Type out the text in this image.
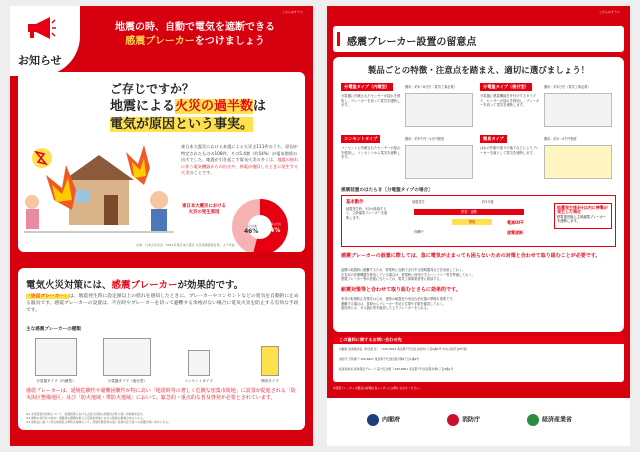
こちらのチラシ
お知らせ
地震の時、自動で電気を遮断できる
感震ブレーカーをつけましょう
ご存じですか？
地震による火災の過半数は
電気が原因という事実。
東日本大震災における本震による火災全111件のうち、原因が特定されたものの108件、その5.4割（約54%）が電気関係の出火でした。地震が引き起こす電気火災の多くは、地震の揺れに伴う電気機器からの出火や、停電が復旧したときに発生する火災のことです。
東日本大震災における火災の発生原因
その他
46%
電気関係の出火
54%
出典：日本火災学会「2011年東日本大震災 火災等調査報告書」より作成
電気火災対策には、感震ブレーカーが効果的です。
「感震ブレーカー」は、地震発生時に設定値以上の揺れを感知したときに、ブレーカーやコンセントなどの電気を自動的に止める器具です。感震ブレーカーの設置は、不在時やブレーカーを切って避難する余裕がない場合に電気火災を防止する有効な手段です。
主な感震ブレーカーの種類
分電盤タイプ（内蔵型）	分電盤タイプ（後付型）	コンセントタイプ	簡易タイプ
感震ブレーカーは、延焼危険性や避難困難性が特に高い「地震時等の著しく危険な密集市街地」に設置が促進される「防災街区整備地区」及び「防火地域・準防火地域」において、緊急的・重点的な普及啓発が必要とされています。
※1 木造密集市街地について、地震時等における火災の延焼の危険性が特に高い市街地を指す。
※2 建物の老朽化や狭あい道路等の課題を抱えた密集市街地における取組の推進が求められる。
※3 消防法に基づく防火地域及び準防火地域のうち、延焼危険性等の高い区域の住宅等への設置が特に求められる。
こちらのチラシ
感震ブレーカー設置の留意点
製品ごとの特徴・注意点を踏まえ、適切に選びましょう！
分電盤タイプ（内蔵型）	費用：約5〜8万円（電気工事必要）
分電盤に内蔵されたセンサーが揺れを感知し、ブレーカーを切って電気を遮断します。
分電盤タイプ（後付型）	費用：約2万円（電気工事必要）
分電盤に感震機能を外付けするタイプで、センサーが揺れを感知し、ブレーカーを切って電気を遮断します。
コンセントタイプ	費用：約5千円〜2万円程度
コンセントに内蔵されたセンサーが揺れを感知し、コンセントから電気を遮断します。
簡易タイプ	費用：約2〜4千円程度
ばねの作動や重りの落下などによりブレーカーを落として電気を遮断します。
感震装置のはたらき［分電盤タイプの場合］
基本動作
地震発生時、3分が経過すると、主幹漏電ブレーカーを遮断します。
地震発生	約3分後
停電・遮断
警報	電源OFF
待機中	遮電遮断
地震発生後3分以内に停電が発生した場合
停電復旧後に主幹漏電ブレーカーを遮断します。
感震ブレーカーの設置に際しては、急に電気が止まっても困らないための対策と合わせて取り組むことが必要です。
夜間の地震時に避難するため、停電時に自動で点灯する照明器具などを用意しておく。
在宅用の医療機器を使用している場合は、停電時に使用できるバッテリー等を準備しておく。
感震ブレーカー等の設置に当たっては、電気工事事業者等に相談する。
耐震対策等と合わせて取り組むとさらに効果的です。
家具の転倒防止対策をはじめ、建物の耐震化や身近な消火器の準備も重要です。
避難する場合は、普段からブレーカーを切る位置や手順を確認しておく。
復旧時には、ガス漏れ等を確認した上でブレーカーを入れる。
この資料に関するお問い合わせ先
内閣府 政策統括官（防災担当） 〒100-8914 東京都千代田区永田町1丁目6番1号 中央合同庁舎8号館
消防庁 予防課 〒100-8927 東京都千代田区霞が関2丁目1番2号
経済産業省 産業保安グループ 電力安全課 〒100-8901 東京都千代田区霞が関1丁目3番1号
※感震ブレーカーの製品の詳細は各メーカーにお問い合わせください。
内閣府	消防庁	経済産業省
